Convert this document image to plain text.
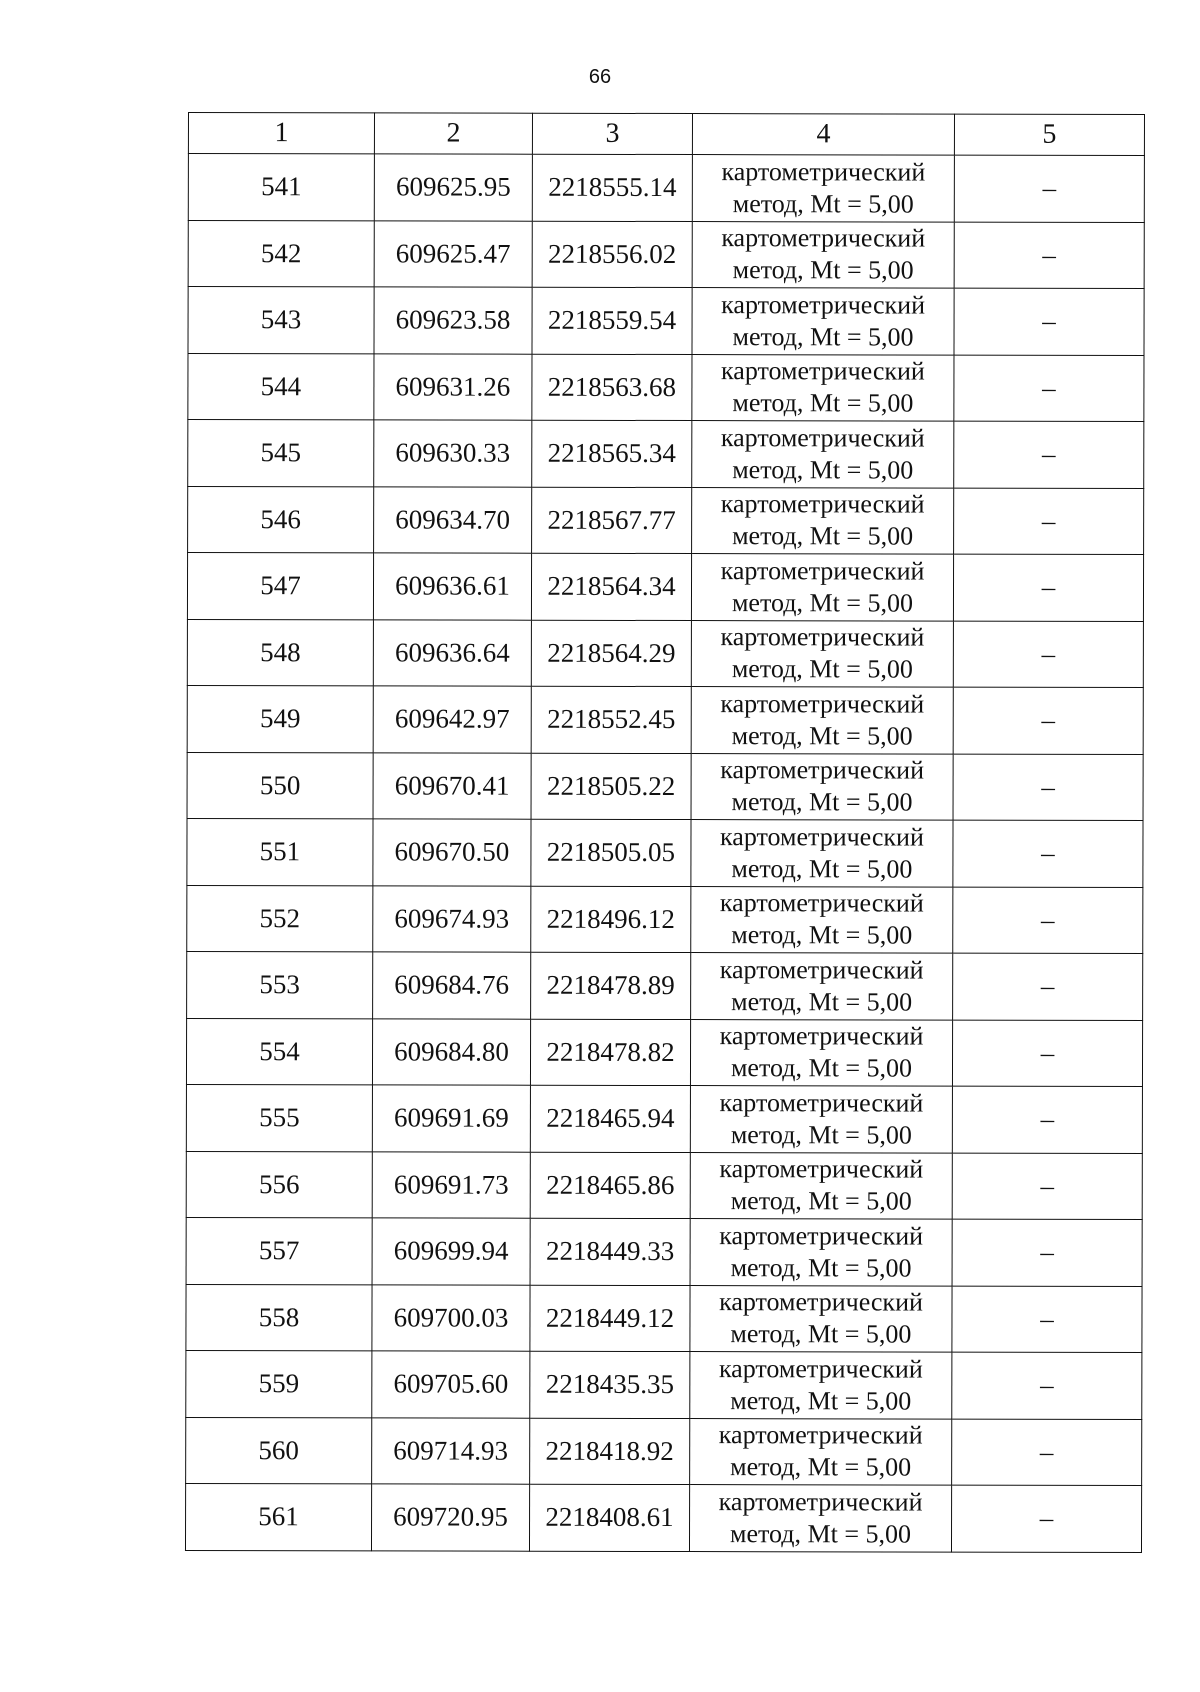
66
1	2	3	4	5
541	609625.95	2218555.14	картометрический
метод, Mt = 5,00	–
542	609625.47	2218556.02	картометрический
метод, Mt = 5,00	–
543	609623.58	2218559.54	картометрический
метод, Mt = 5,00	–
544	609631.26	2218563.68	картометрический
метод, Mt = 5,00	–
545	609630.33	2218565.34	картометрический
метод, Mt = 5,00	–
546	609634.70	2218567.77	картометрический
метод, Mt = 5,00	–
547	609636.61	2218564.34	картометрический
метод, Mt = 5,00	–
548	609636.64	2218564.29	картометрический
метод, Mt = 5,00	–
549	609642.97	2218552.45	картометрический
метод, Mt = 5,00	–
550	609670.41	2218505.22	картометрический
метод, Mt = 5,00	–
551	609670.50	2218505.05	картометрический
метод, Mt = 5,00	–
552	609674.93	2218496.12	картометрический
метод, Mt = 5,00	–
553	609684.76	2218478.89	картометрический
метод, Mt = 5,00	–
554	609684.80	2218478.82	картометрический
метод, Mt = 5,00	–
555	609691.69	2218465.94	картометрический
метод, Mt = 5,00	–
556	609691.73	2218465.86	картометрический
метод, Mt = 5,00	–
557	609699.94	2218449.33	картометрический
метод, Mt = 5,00	–
558	609700.03	2218449.12	картометрический
метод, Mt = 5,00	–
559	609705.60	2218435.35	картометрический
метод, Mt = 5,00	–
560	609714.93	2218418.92	картометрический
метод, Mt = 5,00	–
561	609720.95	2218408.61	картометрический
метод, Mt = 5,00	–
